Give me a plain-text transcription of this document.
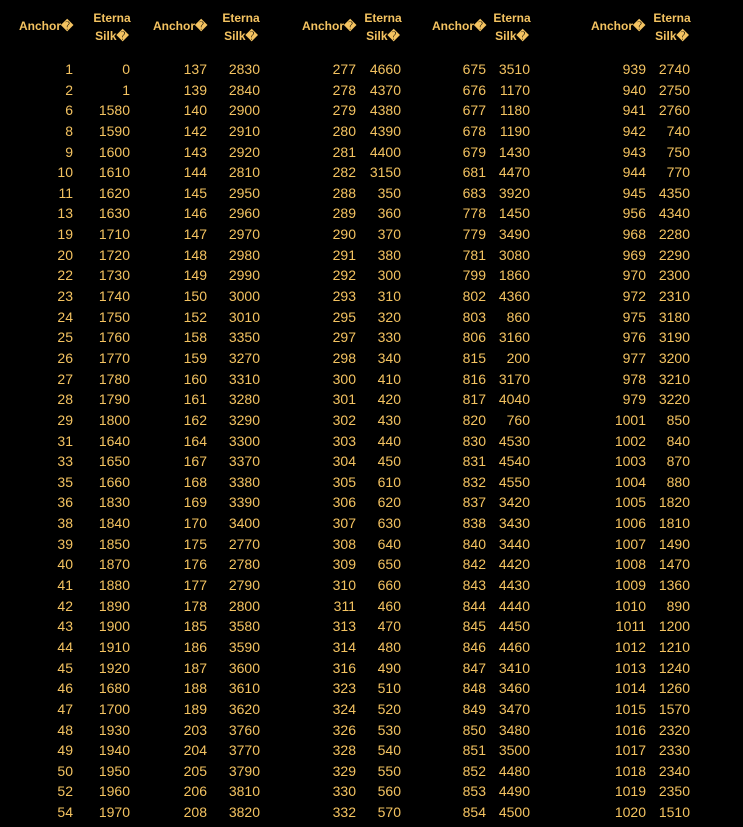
Anchor�
Eterna
Silk�
1	0
2	1
6 1580
8 1590
9 1600
10 1610
11 1620
13 1630
19 1710
20 1720
22 1730
23 1740
24 1750
25 1760
26 1770
27 1780
28 1790
29 1800
31 1640
33 1650
35 1660
36 1830
38 1840
39 1850
40 1870
41 1880
42 1890
43 1900
44 1910
45 1920
46 1680
47 1700
48 1930
49 1940
50 1950
52 1960
54 1970
Anchor�
Eterna
Silk�
137 2830
139 2840
140 2900
142 2910
143 2920
144 2810
145 2950
146 2960
147 2970
148 2980
149 2990
150 3000
152 3010
158 3350
159 3270
160 3310
161 3280
162 3290
164 3300
167 3370
168 3380
169 3390
170 3400
175 2770
176 2780
177 2790
178 2800
185 3580
186 3590
187 3600
188 3610
189 3620
203 3760
204 3770
205 3790
206 3810
208 3820
Anchor�
Eterna
Silk�
277 4660
278 4370
279 4380
280 4390
281 4400
282 3150
288 350
289 360
290 370
291 380
292 300
293 310
295 320
297 330
298 340
300 410
301 420
302 430
303 440
304 450
305 610
306 620
307 630
308 640
309 650
310 660
311 460
313 470
314 480
316 490
323 510
324 520
326 530
328 540
329 550
330 560
332 570
Anchor�
Eterna
Silk�
675 3510
676 1170
677 1180
678 1190
679 1430
681 4470
683 3920
778 1450
779 3490
781 3080
799 1860
802 4360
803 860
806 3160
815 200
816 3170
817 4040
820 760
830 4530
831 4540
832 4550
837 3420
838 3430
840 3440
842 4420
843 4430
844 4440
845 4450
846 4460
847 3410
848 3460
849 3470
850 3480
851 3500
852 4480
853 4490
854 4500
Anchor�
Eterna
Silk�
939 2740
940 2750
941 2760
942 740
943 750
944 770
945 4350
956 4340
968 2280
969 2290
970 2300
972 2310
975 3180
976 3190
977 3200
978 3210
979 3220
1001 850
1002 840
1003 870
1004 880
1005 1820
1006 1810
1007 1490
1008 1470
1009 1360
1010 890
1011 1200
1012 1210
1013 1240
1014 1260
1015 1570
1016 2320
1017 2330
1018 2340
1019 2350
1020 1510
